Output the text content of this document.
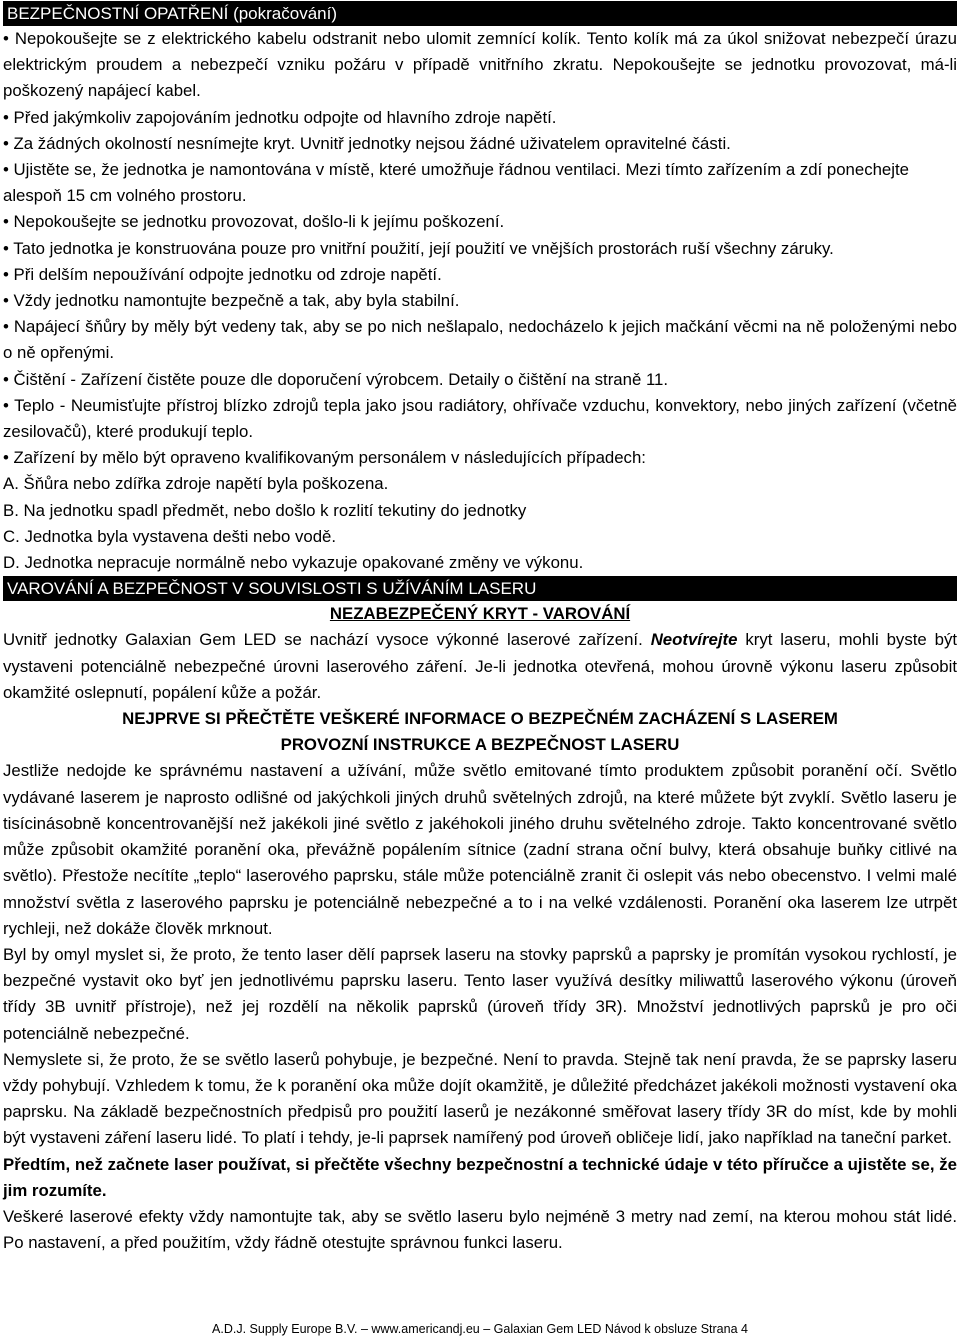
BEZPEČNOSTNÍ OPATŘENÍ (pokračování)

• Nepokoušejte se z elektrického kabelu odstranit nebo ulomit zemnící kolík. Tento kolík má za úkol snižovat nebezpečí úrazu elektrickým proudem a nebezpečí vzniku požáru v případě vnitřního zkratu. Nepokoušejte se jednotku provozovat, má-li poškozený napájecí kabel.

• Před jakýmkoliv zapojováním jednotku odpojte od hlavního zdroje napětí.

• Za žádných okolností nesnímejte kryt. Uvnitř jednotky nejsou žádné uživatelem opravitelné části.

• Ujistěte se, že jednotka je namontována v místě, které umožňuje řádnou ventilaci. Mezi tímto zařízením a zdí ponechejte alespoň 15 cm volného prostoru.

• Nepokoušejte se jednotku provozovat, došlo-li k jejímu poškození.

• Tato jednotka je konstruována pouze pro vnitřní použití, její použití ve vnějších prostorách ruší všechny záruky.

• Při delším nepoužívání odpojte jednotku od zdroje napětí.

• Vždy jednotku namontujte bezpečně a tak, aby byla stabilní.

• Napájecí šňůry by měly být vedeny tak, aby se po nich nešlapalo, nedocházelo k jejich mačkání věcmi na ně položenými nebo o ně opřenými.

• Čištění - Zařízení čistěte pouze dle doporučení výrobcem. Detaily o čištění na straně 11.

• Teplo - Neumisťujte přístroj blízko zdrojů tepla jako jsou radiátory, ohřívače vzduchu, konvektory, nebo jiných zařízení (včetně zesilovačů), které produkují teplo.

• Zařízení by mělo být opraveno kvalifikovaným personálem v následujících případech:

A. Šňůra nebo zdířka zdroje napětí byla poškozena.

B. Na jednotku spadl předmět, nebo došlo k rozlití tekutiny do jednotky

C. Jednotka byla vystavena dešti nebo vodě.

D. Jednotka nepracuje normálně nebo vykazuje opakované změny ve výkonu.

VAROVÁNÍ A BEZPEČNOST V SOUVISLOSTI S UŽÍVÁNÍM LASERU

NEZABEZPEČENÝ KRYT - VAROVÁNÍ

Uvnitř jednotky Galaxian Gem LED se nachází vysoce výkonné laserové zařízení. Neotvírejte kryt laseru, mohli byste být vystaveni potenciálně nebezpečné úrovni laserového záření. Je-li jednotka otevřená, mohou úrovně výkonu laseru způsobit okamžité oslepnutí, popálení kůže a požár.

NEJPRVE SI PŘEČTĚTE VEŠKERÉ INFORMACE O BEZPEČNÉM ZACHÁZENÍ S LASEREM

PROVOZNÍ INSTRUKCE A BEZPEČNOST LASERU

Jestliže nedojde ke správnému nastavení a užívání, může světlo emitované tímto produktem způsobit poranění očí. Světlo vydávané laserem je naprosto odlišné od jakýchkoli jiných druhů světelných zdrojů, na které můžete být zvyklí. Světlo laseru je tisícinásobně koncentrovanější než jakékoli jiné světlo z jakéhokoli jiného druhu světelného zdroje. Takto koncentrované světlo může způsobit okamžité poranění oka, převážně popálením sítnice (zadní strana oční bulvy, která obsahuje buňky citlivé na světlo). Přestože necítíte „teplo“ laserového paprsku, stále může potenciálně zranit či oslepit vás nebo obecenstvo. I velmi malé množství světla z laserového paprsku je potenciálně nebezpečné a to i na velké vzdálenosti. Poranění oka laserem lze utrpět rychleji, než dokáže člověk mrknout.

Byl by omyl myslet si, že proto, že tento laser dělí paprsek laseru na stovky paprsků a paprsky je promítán vysokou rychlostí, je bezpečné vystavit oko byť jen jednotlivému paprsku laseru. Tento laser využívá desítky miliwattů laserového výkonu (úroveň třídy 3B uvnitř přístroje), než jej rozdělí na několik paprsků (úroveň třídy 3R). Množství jednotlivých paprsků je pro oči potenciálně nebezpečné.

Nemyslete si, že proto, že se světlo laserů pohybuje, je bezpečné. Není to pravda. Stejně tak není pravda, že se paprsky laseru vždy pohybují. Vzhledem k tomu, že k poranění oka může dojít okamžitě, je důležité předcházet jakékoli možnosti vystavení oka paprsku. Na základě bezpečnostních předpisů pro použití laserů je nezákonné směřovat lasery třídy 3R do míst, kde by mohli být vystaveni záření laseru lidé. To platí i tehdy, je-li paprsek namířený pod úroveň obličeje lidí, jako například na taneční parket.

Předtím, než začnete laser používat, si přečtěte všechny bezpečnostní a technické údaje v této příručce a ujistěte se, že jim rozumíte.

Veškeré laserové efekty vždy namontujte tak, aby se světlo laseru bylo nejméně 3 metry nad zemí, na kterou mohou stát lidé. Po nastavení, a před použitím, vždy řádně otestujte správnou funkci laseru.

A.D.J. Supply Europe B.V. – www.americandj.eu – Galaxian Gem LED Návod k obsluze Strana 4
